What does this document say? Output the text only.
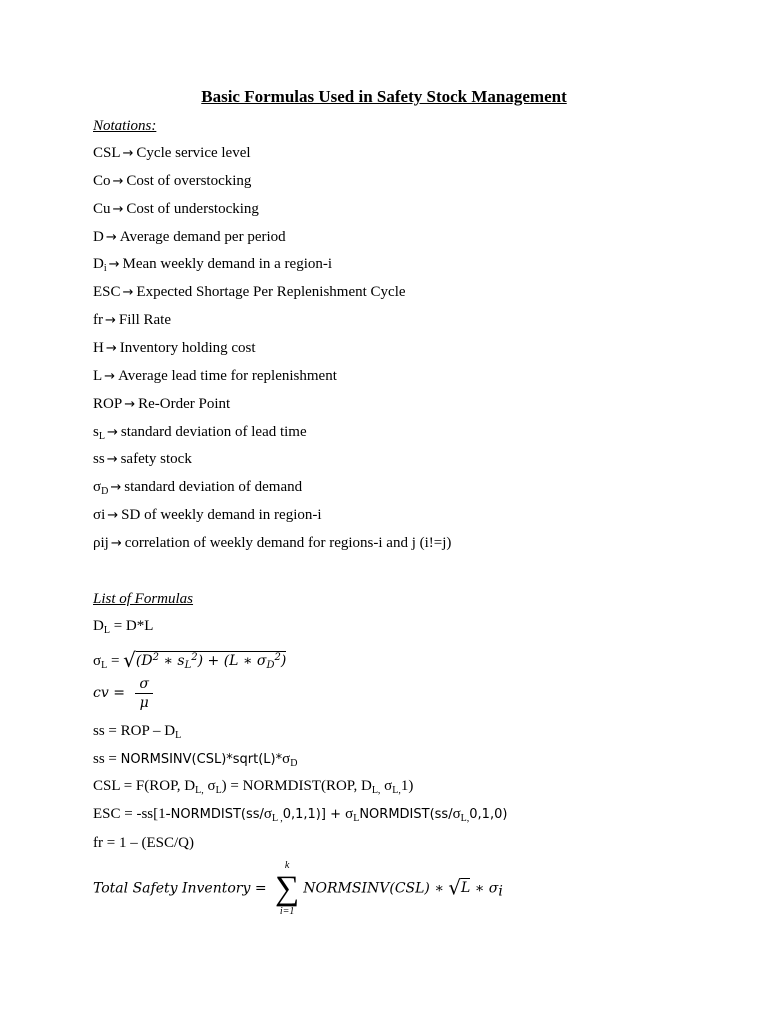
Basic Formulas Used in Safety Stock Management
Notations:
CSL → Cycle service level
Co → Cost of overstocking
Cu → Cost of understocking
D → Average demand per period
$D_i$ → Mean weekly demand in a region-i
ESC → Expected Shortage Per Replenishment Cycle
fr → Fill Rate
H → Inventory holding cost
L → Average lead time for replenishment
ROP → Re-Order Point
$s_L$ → standard deviation of lead time
ss → safety stock
$\sigma_D$ → standard deviation of demand
σi → SD of weekly demand in region-i
ρij → correlation of weekly demand for regions-i and j (i!=j)
List of Formulas
$D_L = D*L$
$\sigma_L = √(D^2$ ∗ $s_L^2) + (L$ ∗ $\sigma_D^2$)
cv = $\frac{\sigma}{\mu}$
ss = ROP – $D_L$
ss = $NORMSINV(CSL)*sqrt(L)*\sigma_D$
CSL = F(ROP, $D_{L,}$ $\sigma_L$) = NORMDIST(ROP, $D_{L,}$ $\sigma_{L,}1$)
ESC = $-ss[1-NORMDIST(ss/\sigma_{L ,}0,1,1)]$ + $\sigma_LNORMDIST(ss/\sigma_{L,}0,1,0)$
fr = 1 – (ESC/Q)
Total Safety Inventory =
k
∑
i=1
NORMSINV(CSL) ∗ √L ∗ $\sigma_i$
